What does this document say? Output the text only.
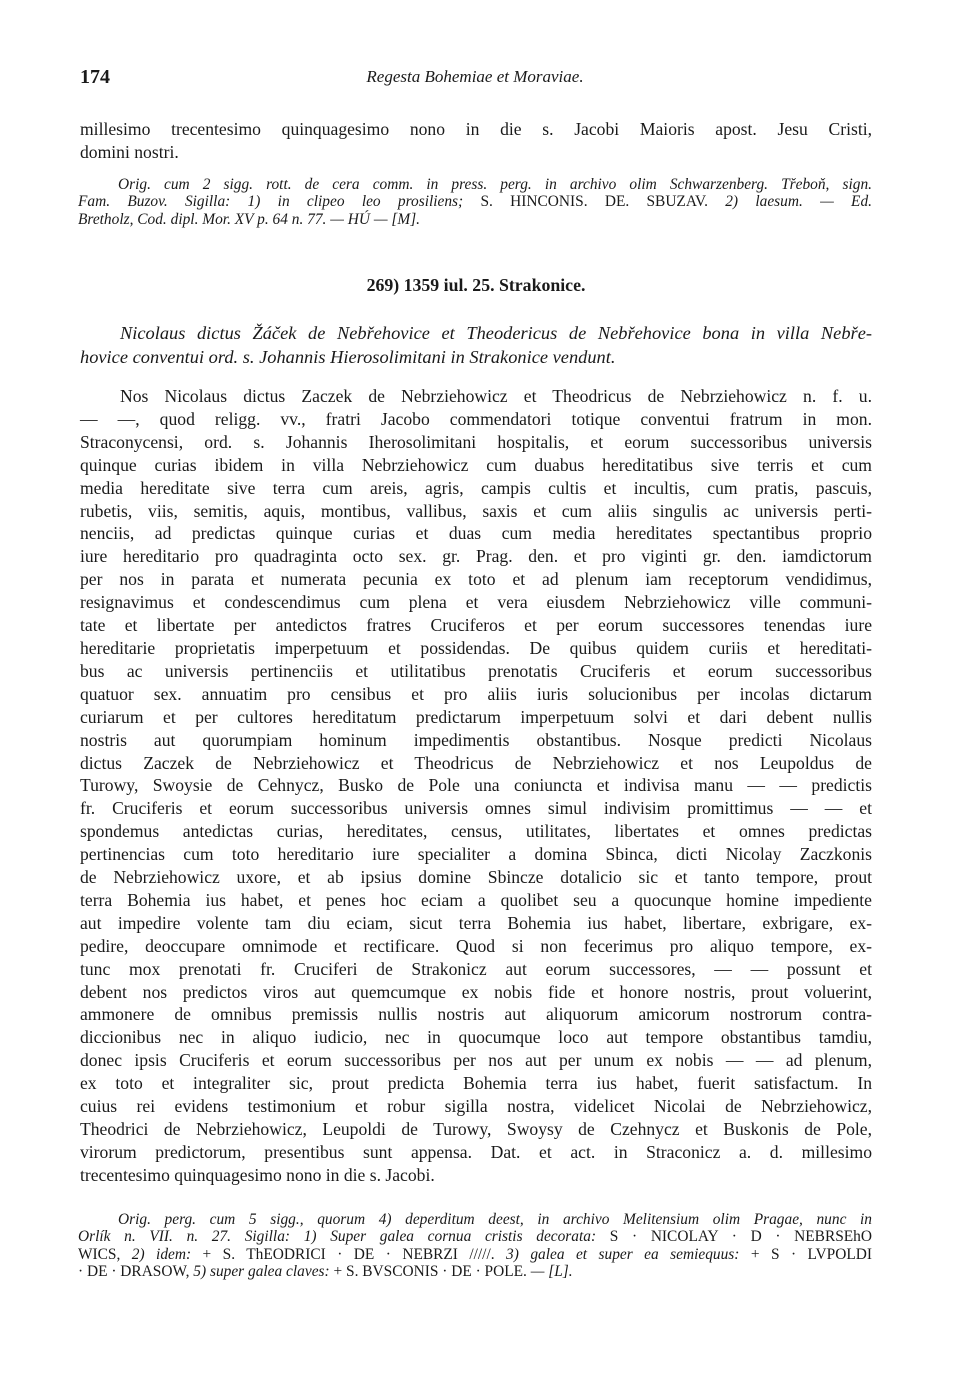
174	Regesta Bohemiae et Moraviae.

millesimo trecentesimo quinquagesimo nono in die s. Jacobi Maioris apost. Jesu Cristi,
domini nostri.

Orig. cum 2 sigg. rott. de cera comm. in press. perg. in archivo olim Schwarzenberg. Třeboň, sign.
Fam. Buzov. Sigilla: 1) in clipeo leo prosiliens; S. HINCONIS. DE. SBUZAV. 2) laesum. — Ed.
Bretholz, Cod. dipl. Mor. XV p. 64 n. 77. — HÚ — [M].

269) 1359 iul. 25. Strakonice.

Nicolaus dictus Žáček de Nebřehovice et Theodericus de Nebřehovice bona in villa Nebře-
hovice conventui ord. s. Johannis Hierosolimitani in Strakonice vendunt.

Nos Nicolaus dictus Zaczek de Nebrziehowicz et Theodricus de Nebrziehowicz n. f. u.
— —, quod religg. vv., fratri Jacobo commendatori totique conventui fratrum in mon.
Straconycensi, ord. s. Johannis Iherosolimitani hospitalis, et eorum successoribus universis
quinque curias ibidem in villa Nebrziehowicz cum duabus hereditatibus sive terris et cum
media hereditate sive terra cum areis, agris, campis cultis et incultis, cum pratis, pascuis,
rubetis, viis, semitis, aquis, montibus, vallibus, saxis et cum aliis singulis ac universis perti-
nenciis, ad predictas quinque curias et duas cum media hereditates spectantibus proprio
iure hereditario pro quadraginta octo sex. gr. Prag. den. et pro viginti gr. den. iamdictorum
per nos in parata et numerata pecunia ex toto et ad plenum iam receptorum vendidimus,
resignavimus et condescendimus cum plena et vera eiusdem Nebrziehowicz ville communi-
tate et libertate per antedictos fratres Cruciferos et per eorum successores tenendas iure
hereditarie proprietatis imperpetuum et possidendas. De quibus quidem curiis et hereditati-
bus ac universis pertinenciis et utilitatibus prenotatis Cruciferis et eorum successoribus
quatuor sex. annuatim pro censibus et pro aliis iuris solucionibus per incolas dictarum
curiarum et per cultores hereditatum predictarum imperpetuum solvi et dari debent nullis
nostris aut quorumpiam hominum impedimentis obstantibus. Nosque predicti Nicolaus
dictus Zaczek de Nebrziehowicz et Theodricus de Nebrziehowicz et nos Leupoldus de
Turowy, Swoysie de Cehnycz, Busko de Pole una coniuncta et indivisa manu — — predictis
fr. Cruciferis et eorum successoribus universis omnes simul indivisim promittimus — — et
spondemus antedictas curias, hereditates, census, utilitates, libertates et omnes predictas
pertinencias cum toto hereditario iure specialiter a domina Sbinca, dicti Nicolay Zaczkonis
de Nebrziehowicz uxore, et ab ipsius domine Sbincze dotalicio sic et tanto tempore, prout
terra Bohemia ius habet, et penes hoc eciam a quolibet seu a quocunque homine impediente
aut impedire volente tam diu eciam, sicut terra Bohemia ius habet, libertare, exbrigare, ex-
pedire, deoccupare omnimode et rectificare. Quod si non fecerimus pro aliquo tempore, ex-
tunc mox prenotati fr. Cruciferi de Strakonicz aut eorum successores, — — possunt et
debent nos predictos viros aut quemcumque ex nobis fide et honore nostris, prout voluerint,
ammonere de omnibus premissis nullis nostris aut aliquorum amicorum nostrorum contra-
diccionibus nec in aliquo iudicio, nec in quocumque loco aut tempore obstantibus tamdiu,
donec ipsis Cruciferis et eorum successoribus per nos aut per unum ex nobis — — ad plenum,
ex toto et integraliter sic, prout predicta Bohemia terra ius habet, fuerit satisfactum. In
cuius rei evidens testimonium et robur sigilla nostra, videlicet Nicolai de Nebrziehowicz,
Theodrici de Nebrziehowicz, Leupoldi de Turowy, Swoysy de Czehnycz et Buskonis de Pole,
virorum predictorum, presentibus sunt appensa. Dat. et act. in Straconicz a. d. millesimo
trecentesimo quinquagesimo nono in die s. Jacobi.

Orig. perg. cum 5 sigg., quorum 4) deperditum deest, in archivo Melitensium olim Pragae, nunc in
Orlík n. VII. n. 27. Sigilla: 1) Super galea cornua cristis decorata: S · NICOLAY · D · NEBRSEhO
WICS, 2) idem: + S. ThEODRICI · DE · NEBRZI /////. 3) galea et super ea semiequus: + S · LVPOLDI
· DE · DRASOW, 5) super galea claves: + S. BVSCONIS · DE · POLE. — [L].
